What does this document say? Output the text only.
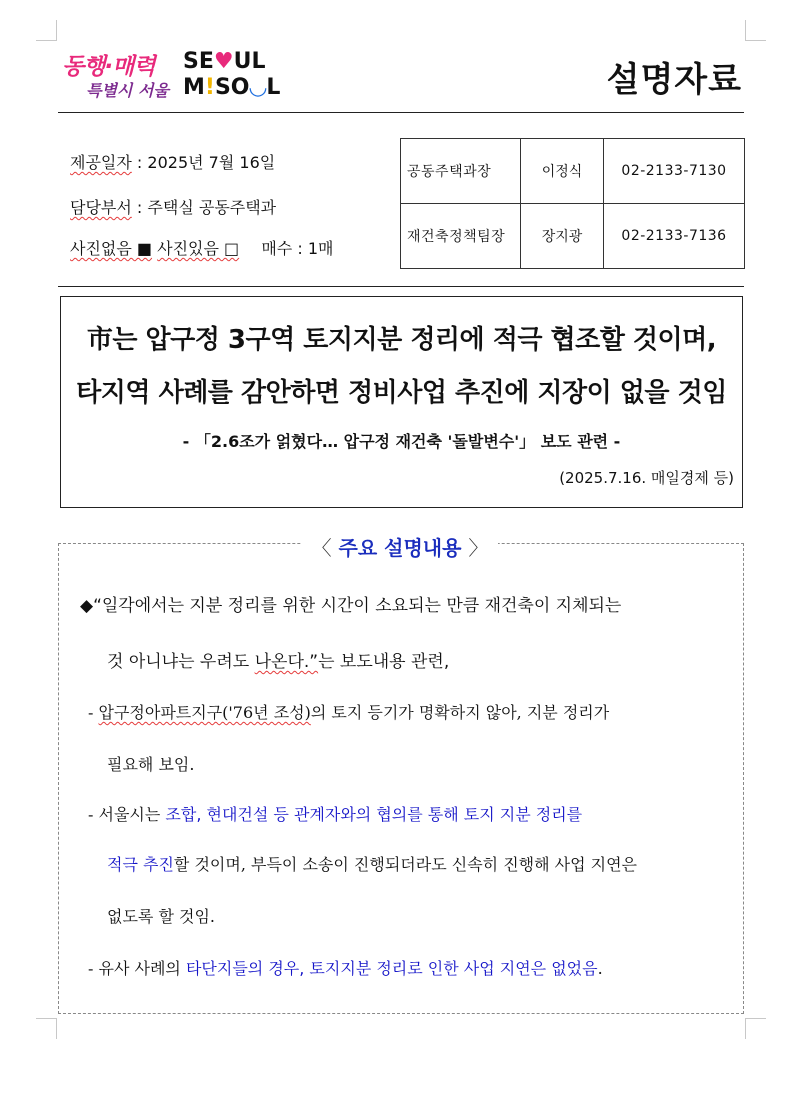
동행·매력
특별시 서울
SE♥UL
M!SO◡L	설명자료
제공일자 : 2025년 7월 16일
담당부서 : 주택실 공동주택과
사진없음 ■ 사진있음 □ 매수 : 1매
공동주택과장	이정식	02-2133-7130
재건축정책팀장	장지광	02-2133-7136
市는 압구정 3구역 토지지분 정리에 적극 협조할 것이며,
타지역 사례를 감안하면 정비사업 추진에 지장이 없을 것임
- 「2.6조가 얽혔다… 압구정 재건축 '돌발변수'」 보도 관련 -
(2025.7.16. 매일경제 등)
〈 주요 설명내용 〉
◆“일각에서는 지분 정리를 위한 시간이 소요되는 만큼 재건축이 지체되는
것 아니냐는 우려도 나온다.”는 보도내용 관련,
- 압구정아파트지구('76년 조성)의 토지 등기가 명확하지 않아, 지분 정리가
필요해 보임.
- 서울시는 조합, 현대건설 등 관계자와의 협의를 통해 토지 지분 정리를
적극 추진할 것이며, 부득이 소송이 진행되더라도 신속히 진행해 사업 지연은
없도록 할 것임.
- 유사 사례의 타단지들의 경우, 토지지분 정리로 인한 사업 지연은 없었음.
